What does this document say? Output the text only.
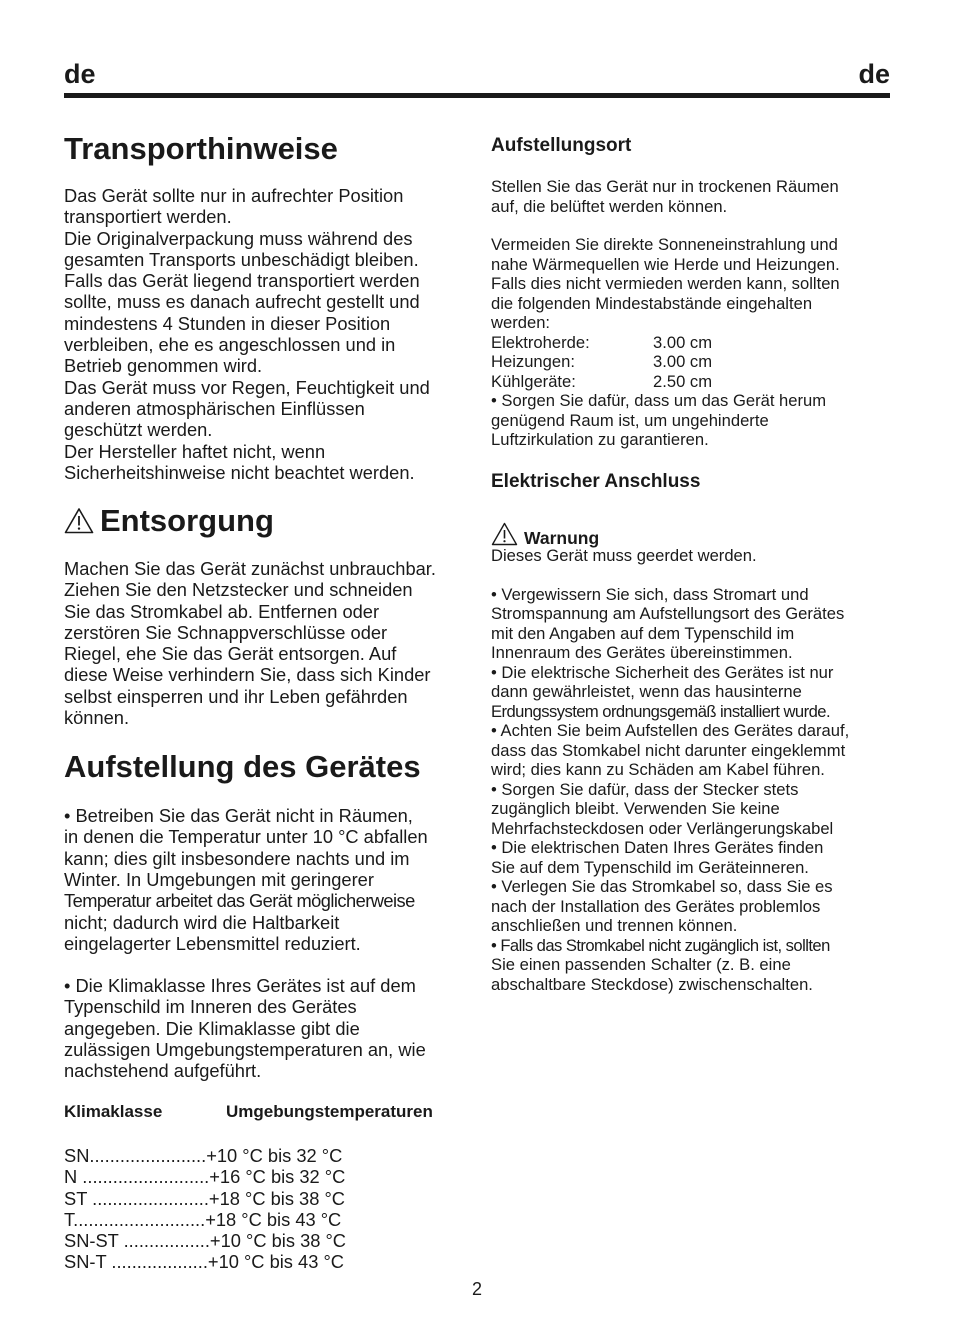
de	de
Transporthinweise

Das Gerät sollte nur in aufrechter Position
transportiert werden.
Die Originalverpackung muss während des
gesamten Transports unbeschädigt bleiben.
Falls das Gerät liegend transportiert werden
sollte, muss es danach aufrecht gestellt und
mindestens 4 Stunden in dieser Position
verbleiben, ehe es angeschlossen und in
Betrieb genommen wird.
Das Gerät muss vor Regen, Feuchtigkeit und
anderen atmosphärischen Einflüssen
geschützt werden.
Der Hersteller haftet nicht, wenn
Sicherheitshinweise nicht beachtet werden.

Entsorgung

Machen Sie das Gerät zunächst unbrauchbar.
Ziehen Sie den Netzstecker und schneiden
Sie das Stromkabel ab. Entfernen oder
zerstören Sie Schnappverschlüsse oder
Riegel, ehe Sie das Gerät entsorgen. Auf
diese Weise verhindern Sie, dass sich Kinder
selbst einsperren und ihr Leben gefährden
können.

Aufstellung des Gerätes

• Betreiben Sie das Gerät nicht in Räumen,
in denen die Temperatur unter 10 °C abfallen
kann; dies gilt insbesondere nachts und im
Winter. In Umgebungen mit geringerer

Temperatur arbeitet das Gerät möglicherweise

nicht; dadurch wird die Haltbarkeit
eingelagerter Lebensmittel reduziert.

• Die Klimaklasse Ihres Gerätes ist auf dem
Typenschild im Inneren des Gerätes
angegeben. Die Klimaklasse gibt die
zulässigen Umgebungstemperaturen an, wie
nachstehend aufgeführt.

Klimaklasse	Umgebungstemperaturen
SN.......................+10 °C bis 32 °C
N .........................+16 °C bis 32 °C
ST .......................+18 °C bis 38 °C
T..........................+18 °C bis 43 °C
SN-ST .................+10 °C bis 38 °C
SN-T ...................+10 °C bis 43 °C
Aufstellungsort

Stellen Sie das Gerät nur in trockenen Räumen
auf, die belüftet werden können.

Vermeiden Sie direkte Sonneneinstrahlung und
nahe Wärmequellen wie Herde und Heizungen.
Falls dies nicht vermieden werden kann, sollten
die folgenden Mindestabstände eingehalten
werden:

Elektroherde:	3.00 cm
Heizungen:	3.00 cm
Kühlgeräte:	2.50 cm

• Sorgen Sie dafür, dass um das Gerät herum
genügend Raum ist, um ungehinderte
Luftzirkulation zu garantieren.

Elektrischer Anschluss
Warnung

Dieses Gerät muss geerdet werden.

• Vergewissern Sie sich, dass Stromart und
Stromspannung am Aufstellungsort des Gerätes
mit den Angaben auf dem Typenschild im
Innenraum des Gerätes übereinstimmen.
• Die elektrische Sicherheit des Gerätes ist nur
dann gewährleistet, wenn das hausinterne

Erdungssystem ordnungsgemäß installiert wurde.

• Achten Sie beim Aufstellen des Gerätes darauf,
dass das Stomkabel nicht darunter eingeklemmt
wird; dies kann zu Schäden am Kabel führen.
• Sorgen Sie dafür, dass der Stecker stets
zugänglich bleibt. Verwenden Sie keine
Mehrfachsteckdosen oder Verlängerungskabel
• Die elektrischen Daten Ihres Gerätes finden
Sie auf dem Typenschild im Geräteinneren.
• Verlegen Sie das Stromkabel so, dass Sie es
nach der Installation des Gerätes problemlos
anschließen und trennen können.

• Falls das Stromkabel nicht zugänglich ist, sollten

Sie einen passenden Schalter (z. B. eine
abschaltbare Steckdose) zwischenschalten.

2
